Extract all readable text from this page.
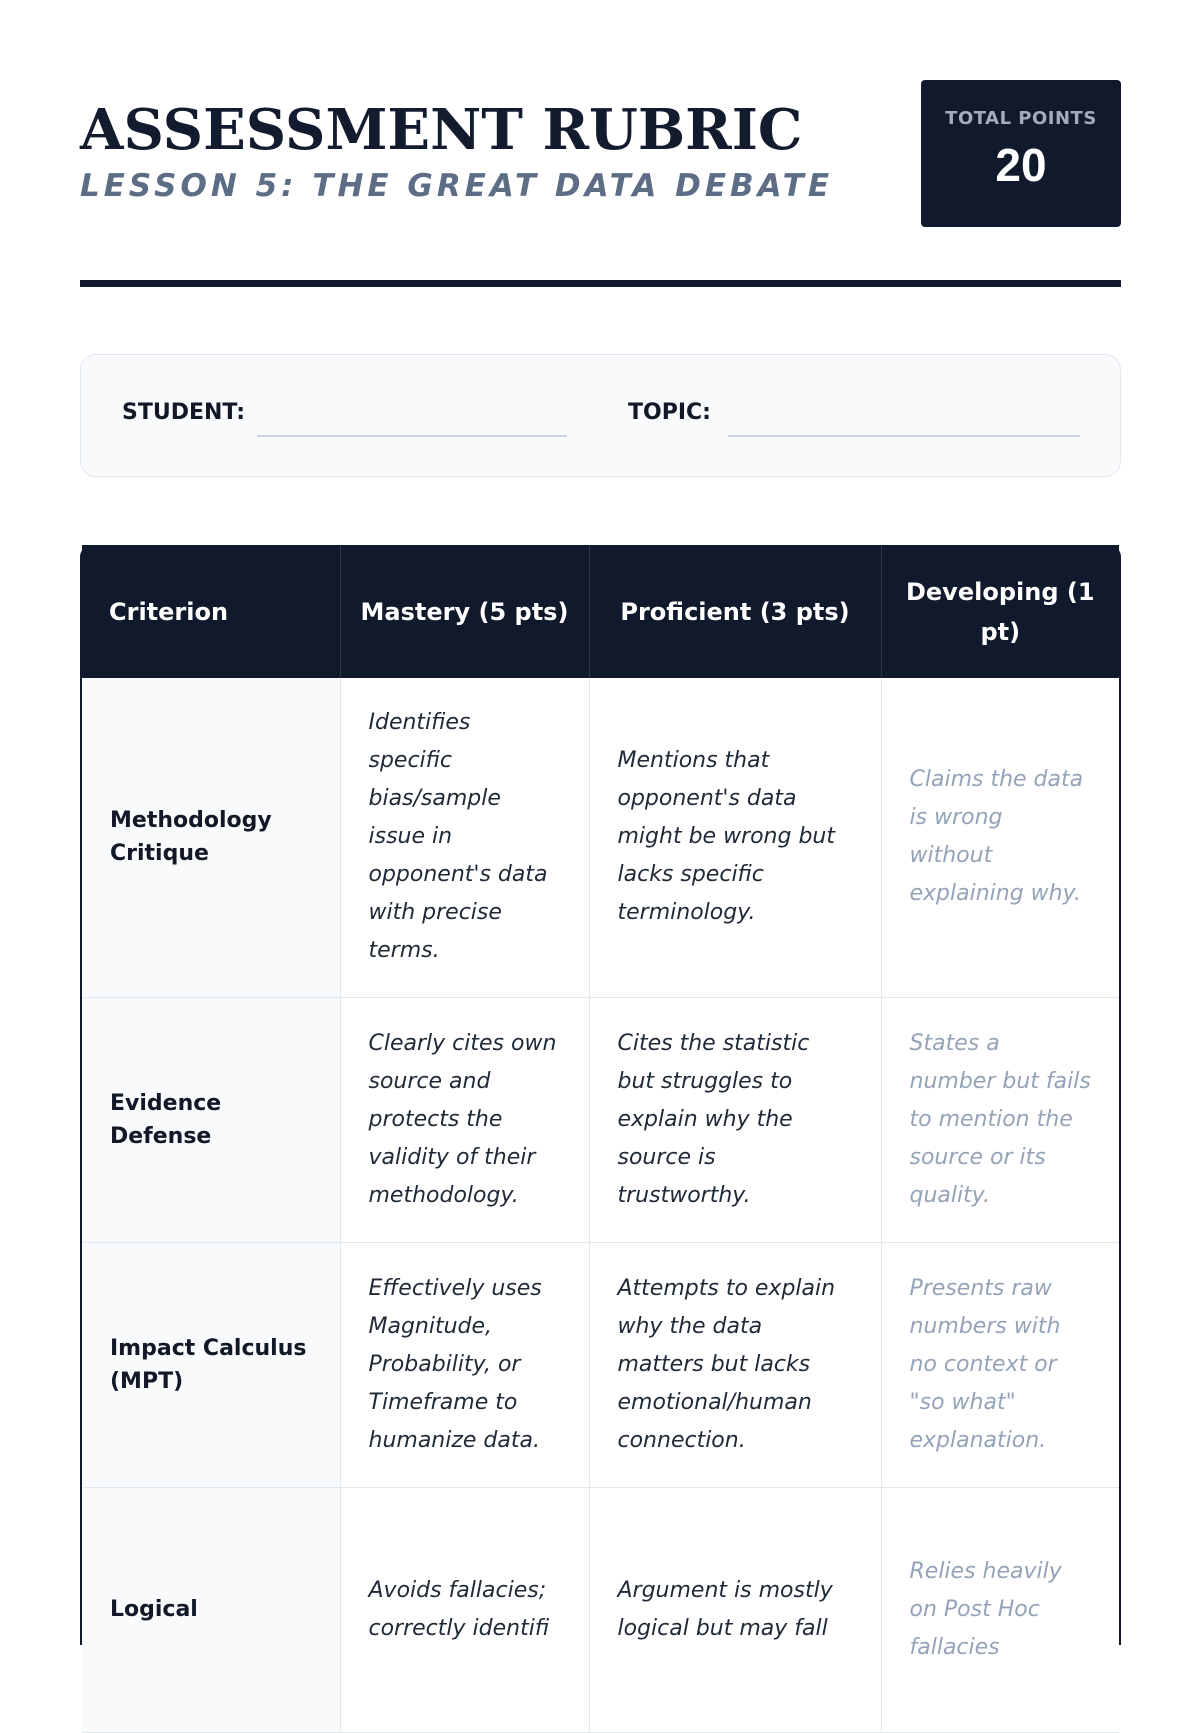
ASSESSMENT RUBRIC
LESSON 5: THE GREAT DATA DEBATE
TOTAL POINTS
20
STUDENT:	TOPIC:
Criterion	Mastery (5 pts)	Proficient (3 pts)	Developing (1 pt)
Methodology Critique	Identifies specific bias/sample issue in opponent's data with precise terms.	Mentions that opponent's data might be wrong but lacks specific terminology.	Claims the data is wrong without explaining why.
Evidence Defense	Clearly cites own source and protects the validity of their methodology.	Cites the statistic but struggles to explain why the source is trustworthy.	States a number but fails to mention the source or its quality.
Impact Calculus (MPT)	Effectively uses Magnitude, Probability, or Timeframe to humanize data.	Attempts to explain why the data matters but lacks emotional/human connection.	Presents raw numbers with no context or "so what" explanation.
Logical	Avoids fallacies; correctly identifi	Argument is mostly logical but may fall	Relies heavily on Post Hoc fallacies
